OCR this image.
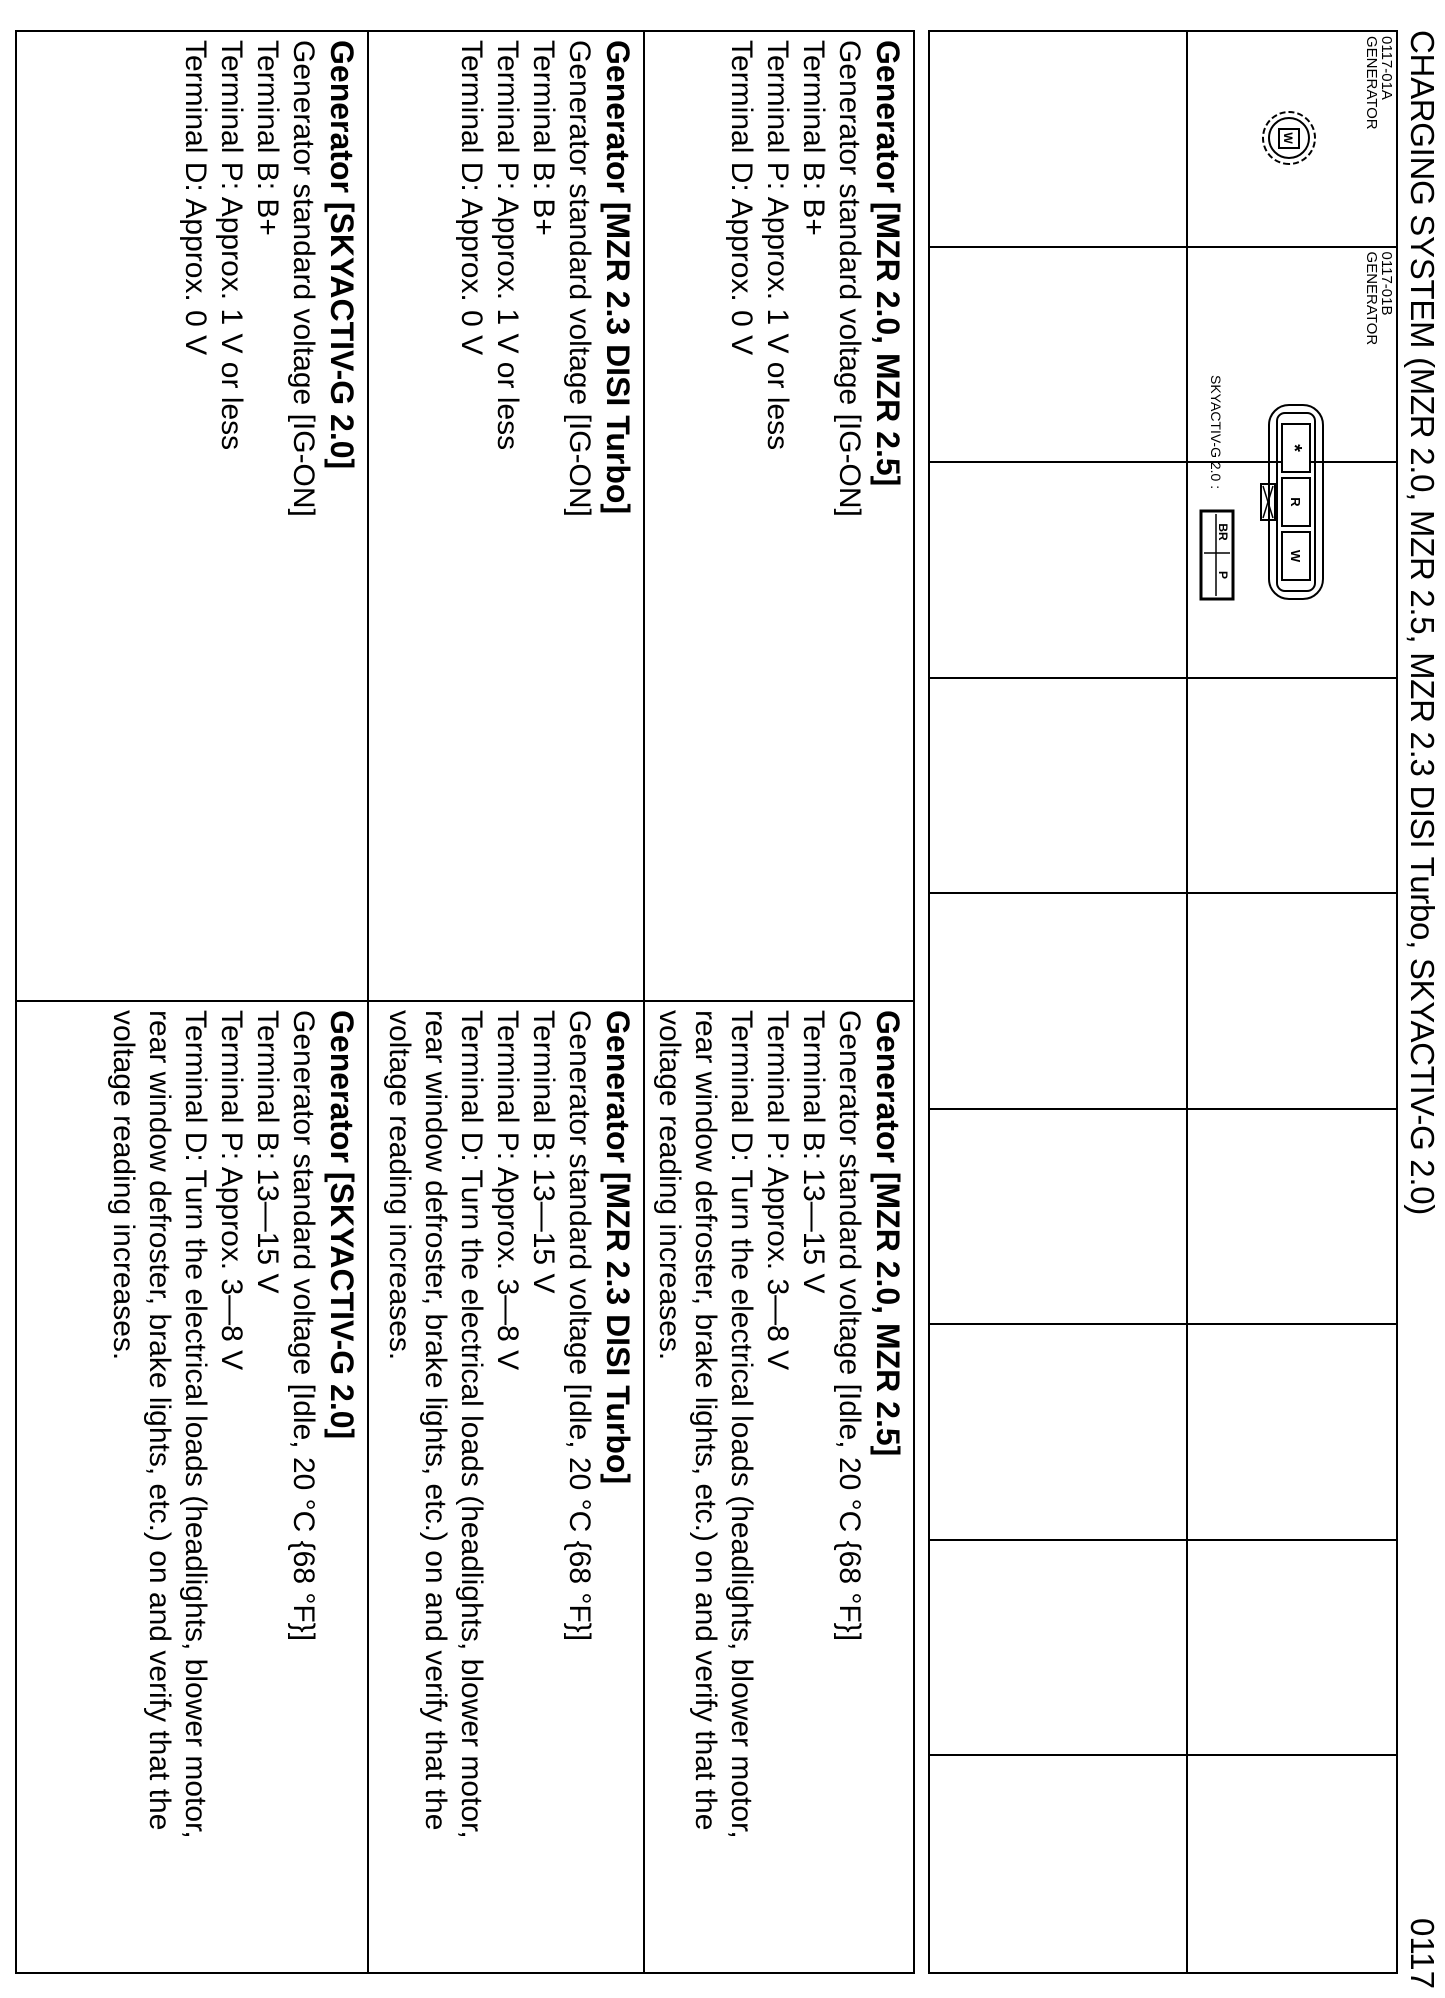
CHARGING SYSTEM (MZR 2.0, MZR 2.5, MZR 2.3 DISI Turbo, SKYACTIV-G 2.0)
0117
0117-01A
GENERATOR
W
0117-01B
GENERATOR
*
R
W
SKYACTIV-G 2.0 :
BR
P
Generator [MZR 2.0, MZR 2.5]

Generator standard voltage [IG-ON]

Terminal B: B+

Terminal P: Approx. 1 V or less

Terminal D: Approx. 0 V

Generator [MZR 2.0, MZR 2.5]

Generator standard voltage [Idle, 20 °C {68 °F}]

Terminal B: 13—15 V

Terminal P: Approx. 3—8 V

Terminal D: Turn the electrical loads (headlights, blower motor,

rear window defroster, brake lights, etc.) on and verify that the

voltage reading increases.

Generator [MZR 2.3 DISI Turbo]

Generator standard voltage [IG-ON]

Terminal B: B+

Terminal P: Approx. 1 V or less

Terminal D: Approx. 0 V

Generator [MZR 2.3 DISI Turbo]

Generator standard voltage [Idle, 20 °C {68 °F}]

Terminal B: 13—15 V

Terminal P: Approx. 3—8 V

Terminal D: Turn the electrical loads (headlights, blower motor,

rear window defroster, brake lights, etc.) on and verify that the

voltage reading increases.

Generator [SKYACTIV-G 2.0]

Generator standard voltage [IG-ON]

Terminal B: B+

Terminal P: Approx. 1 V or less

Terminal D: Approx. 0 V

Generator [SKYACTIV-G 2.0]

Generator standard voltage [Idle, 20 °C {68 °F}]

Terminal B: 13—15 V

Terminal P: Approx. 3—8 V

Terminal D: Turn the electrical loads (headlights, blower motor,

rear window defroster, brake lights, etc.) on and verify that the

voltage reading increases.
